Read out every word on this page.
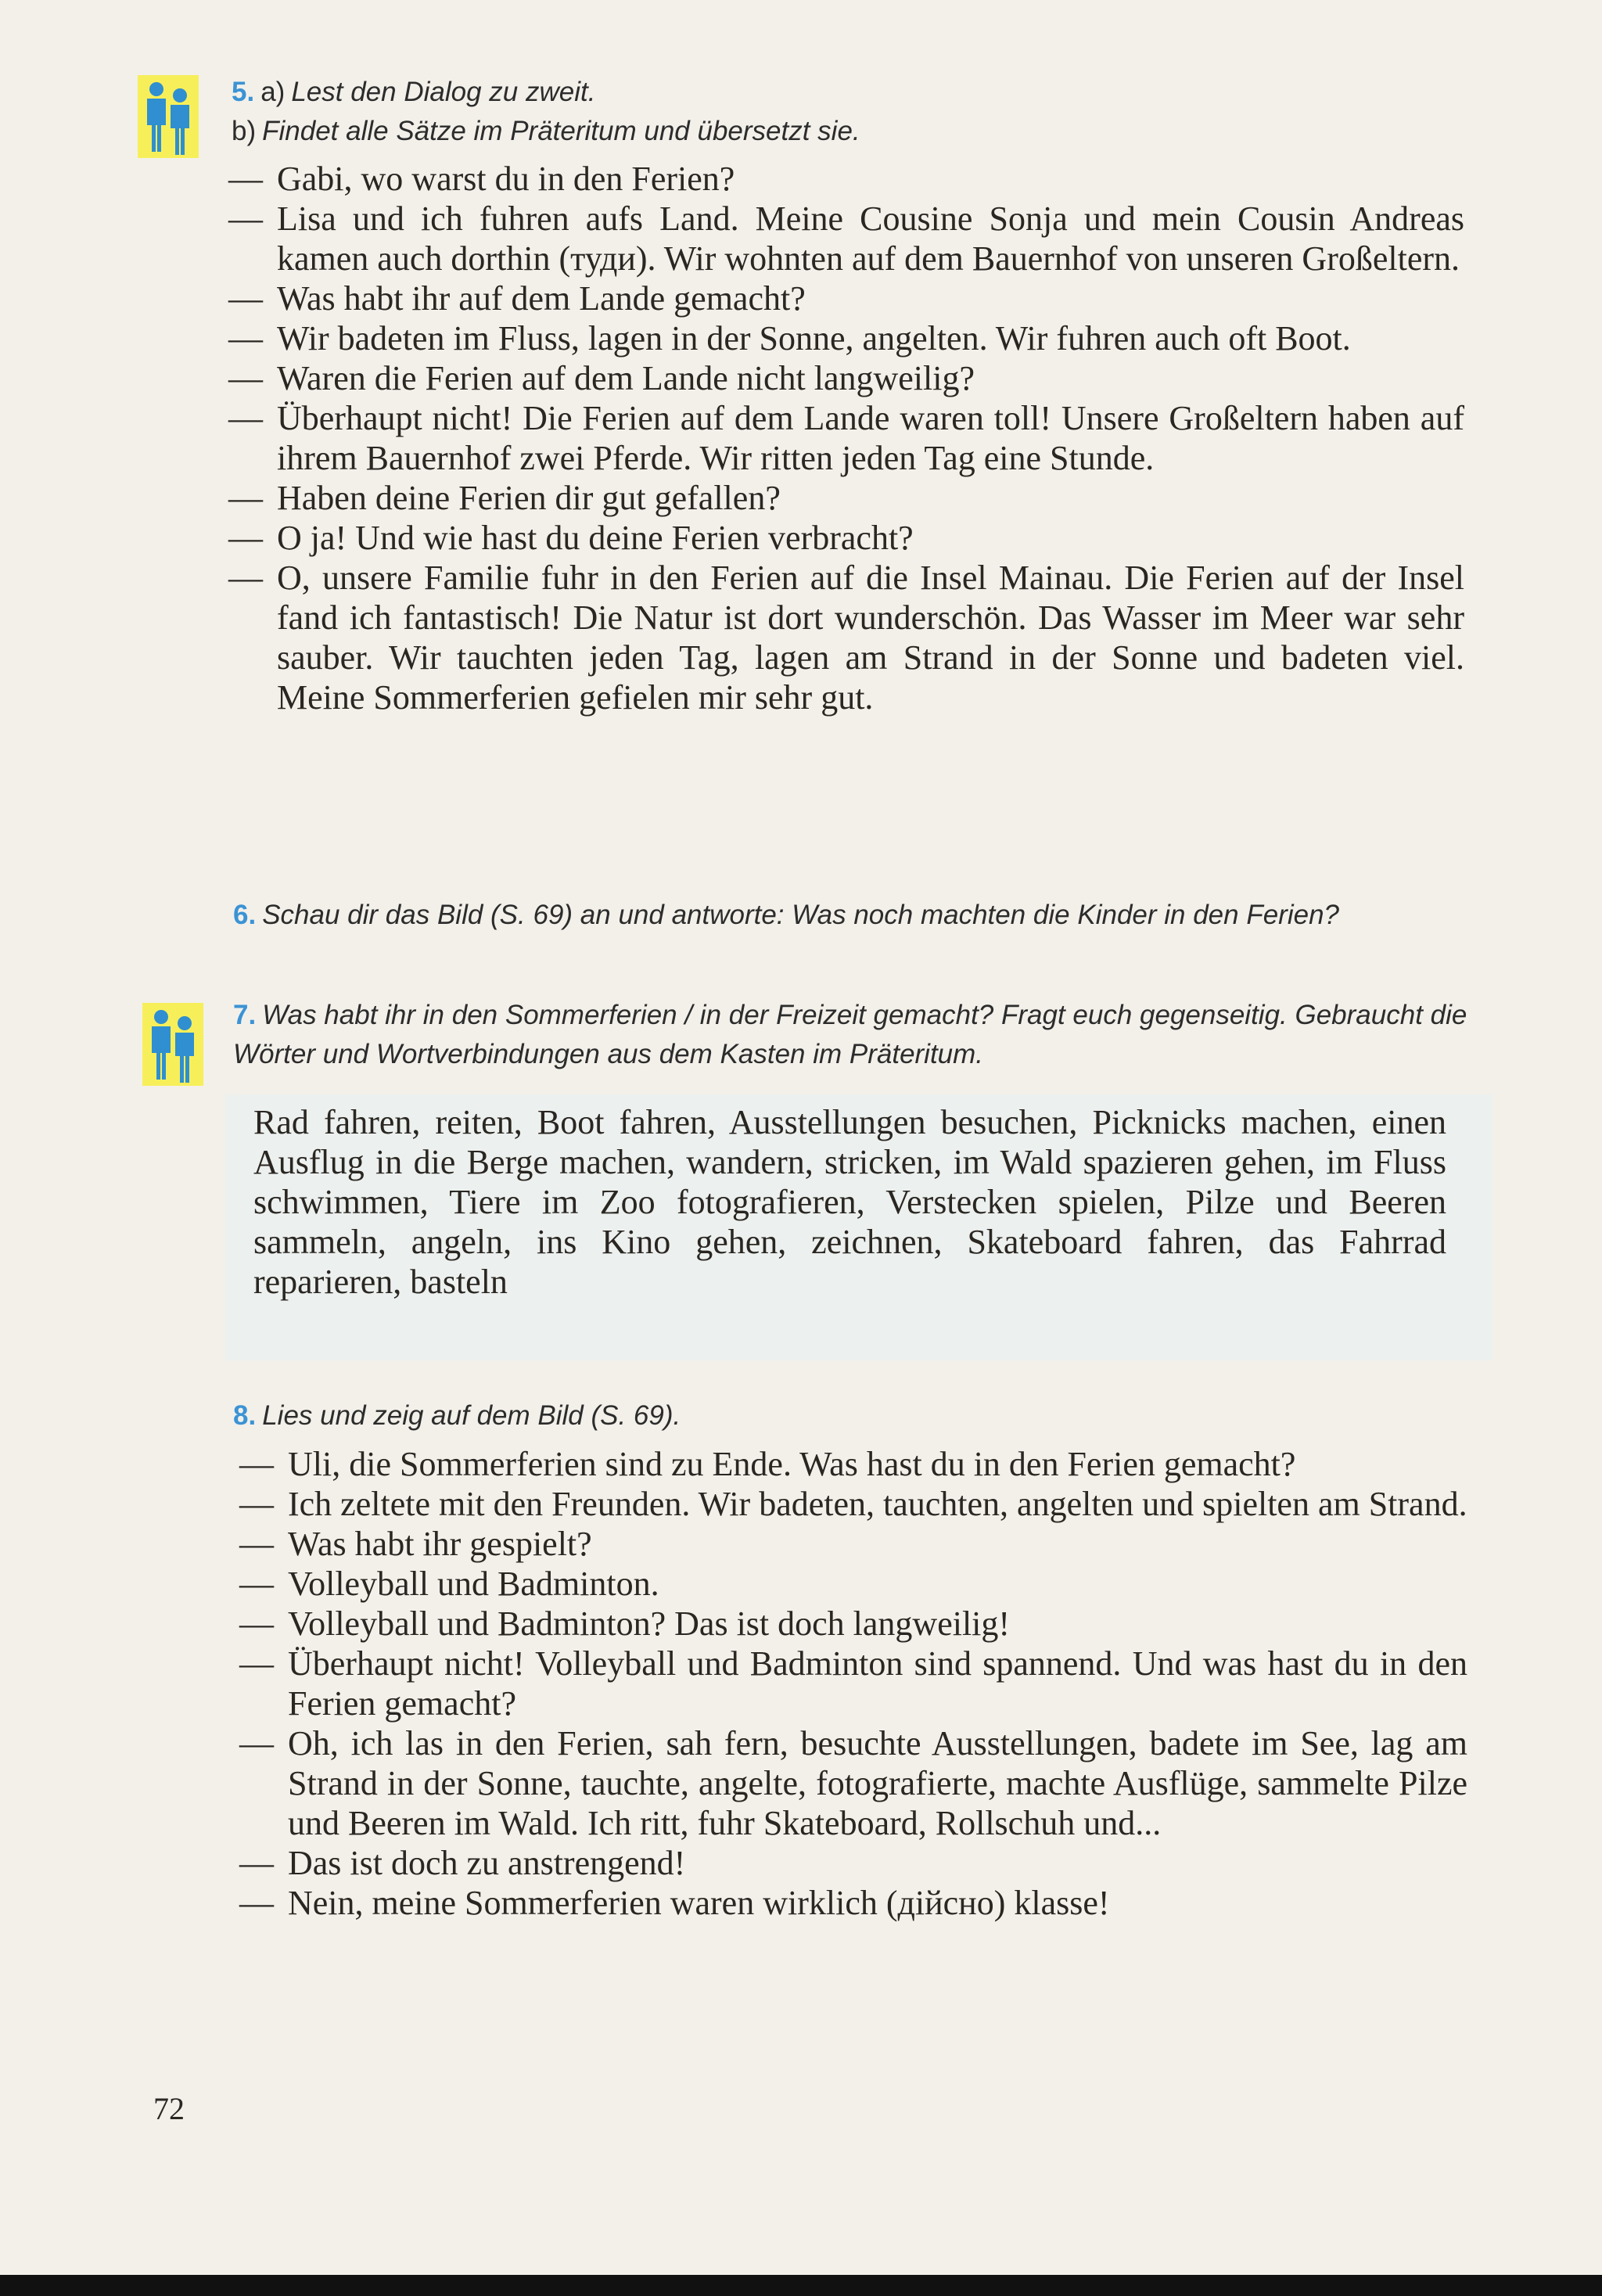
5. a) Lest den Dialog zu zweit.

b) Findet alle Sätze im Präteritum und übersetzt sie.

— Gabi, wo warst du in den Ferien?
— Lisa und ich fuhren aufs Land. Meine Cousine Sonja und mein Cousin Andreas kamen auch dorthin (туди). Wir wohnten auf dem Bauernhof von unseren Großeltern.
— Was habt ihr auf dem Lande gemacht?
— Wir badeten im Fluss, lagen in der Sonne, angelten. Wir fuhren auch oft Boot.
— Waren die Ferien auf dem Lande nicht langweilig?
— Überhaupt nicht! Die Ferien auf dem Lande waren toll! Unsere Großeltern haben auf ihrem Bauernhof zwei Pferde. Wir ritten jeden Tag eine Stunde.
— Haben deine Ferien dir gut gefallen?
— O ja! Und wie hast du deine Ferien verbracht?
— O, unsere Familie fuhr in den Ferien auf die Insel Mainau. Die Ferien auf der Insel fand ich fantastisch! Die Natur ist dort wunderschön. Das Wasser im Meer war sehr sauber. Wir tauchten jeden Tag, lagen am Strand in der Sonne und badeten viel. Meine Sommerferien gefielen mir sehr gut.
6. Schau dir das Bild (S. 69) an und antworte: Was noch machten die Kinder in den Ferien?
7. Was habt ihr in den Sommerferien / in der Freizeit gemacht? Fragt euch gegenseitig. Gebraucht die Wörter und Wortverbindungen aus dem Kasten im Präteritum.

Rad fahren, reiten, Boot fahren, Ausstellungen besuchen, Picknicks machen, einen Ausflug in die Berge machen, wandern, stricken, im Wald spazieren gehen, im Fluss schwimmen, Tiere im Zoo fotografieren, Verstecken spielen, Pilze und Beeren sammeln, angeln, ins Kino gehen, zeichnen, Skateboard fahren, das Fahrrad reparieren, basteln

8. Lies und zeig auf dem Bild (S. 69).
— Uli, die Sommerferien sind zu Ende. Was hast du in den Ferien gemacht?
— Ich zeltete mit den Freunden. Wir badeten, tauchten, angelten und spielten am Strand.
— Was habt ihr gespielt?
— Volleyball und Badminton.
— Volleyball und Badminton? Das ist doch langweilig!
— Überhaupt nicht! Volleyball und Badminton sind spannend. Und was hast du in den Ferien gemacht?
— Oh, ich las in den Ferien, sah fern, besuchte Ausstellungen, badete im See, lag am Strand in der Sonne, tauchte, angelte, fotografierte, machte Ausflüge, sammelte Pilze und Beeren im Wald. Ich ritt, fuhr Skateboard, Rollschuh und...
— Das ist doch zu anstrengend!
— Nein, meine Sommerferien waren wirklich (дійсно) klasse!
72
